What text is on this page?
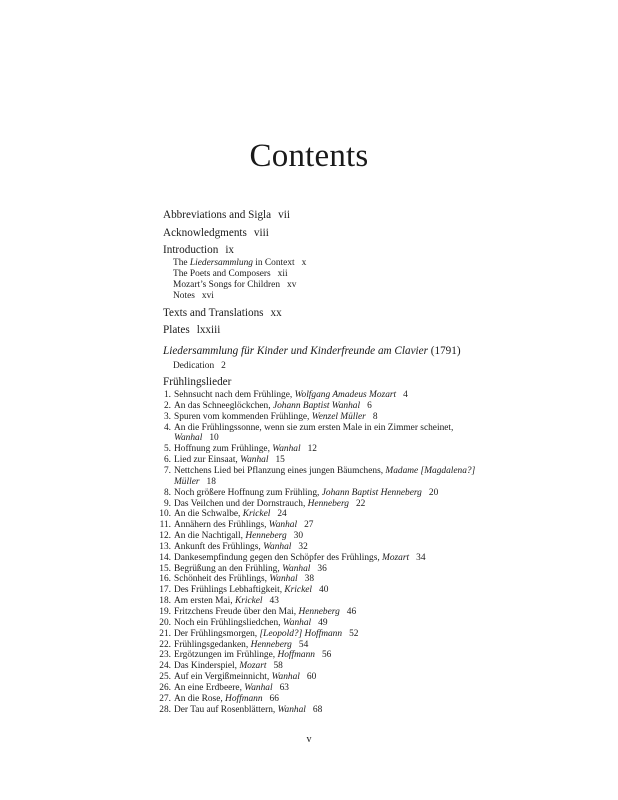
Contents
Abbreviations and Sigla vii
Acknowledgments viii
Introduction ix
The Liedersammlung in Context x
The Poets and Composers xii
Mozart’s Songs for Children xv
Notes xvi
Texts and Translations xx
Plates lxxiii
Liedersammlung für Kinder und Kinderfreunde am Clavier (1791)
Dedication 2
Frühlingslieder
1. Sehnsucht nach dem Frühlinge, Wolfgang Amadeus Mozart 4
2. An das Schneeglöckchen, Johann Baptist Wanhal 6
3. Spuren vom kommenden Frühlinge, Wenzel Müller 8
4. An die Frühlingssonne, wenn sie zum ersten Male in ein Zimmer scheinet,
Wanhal 10
5. Hoffnung zum Frühlinge, Wanhal 12
6. Lied zur Einsaat, Wanhal 15
7. Nettchens Lied bei Pflanzung eines jungen Bäumchens, Madame [Magdalena?]
Müller 18
8. Noch größere Hoffnung zum Frühling, Johann Baptist Henneberg 20
9. Das Veilchen und der Dornstrauch, Henneberg 22
10. An die Schwalbe, Krickel 24
11. Annähern des Frühlings, Wanhal 27
12. An die Nachtigall, Henneberg 30
13. Ankunft des Frühlings, Wanhal 32
14. Dankesempfindung gegen den Schöpfer des Frühlings, Mozart 34
15. Begrüßung an den Frühling, Wanhal 36
16. Schönheit des Frühlings, Wanhal 38
17. Des Frühlings Lebhaftigkeit, Krickel 40
18. Am ersten Mai, Krickel 43
19. Fritzchens Freude über den Mai, Henneberg 46
20. Noch ein Frühlingsliedchen, Wanhal 49
21. Der Frühlingsmorgen, [Leopold?] Hoffmann 52
22. Frühlingsgedanken, Henneberg 54
23. Ergötzungen im Frühlinge, Hoffmann 56
24. Das Kinderspiel, Mozart 58
25. Auf ein Vergißmeinnicht, Wanhal 60
26. An eine Erdbeere, Wanhal 63
27. An die Rose, Hoffmann 66
28. Der Tau auf Rosenblättern, Wanhal 68
v
